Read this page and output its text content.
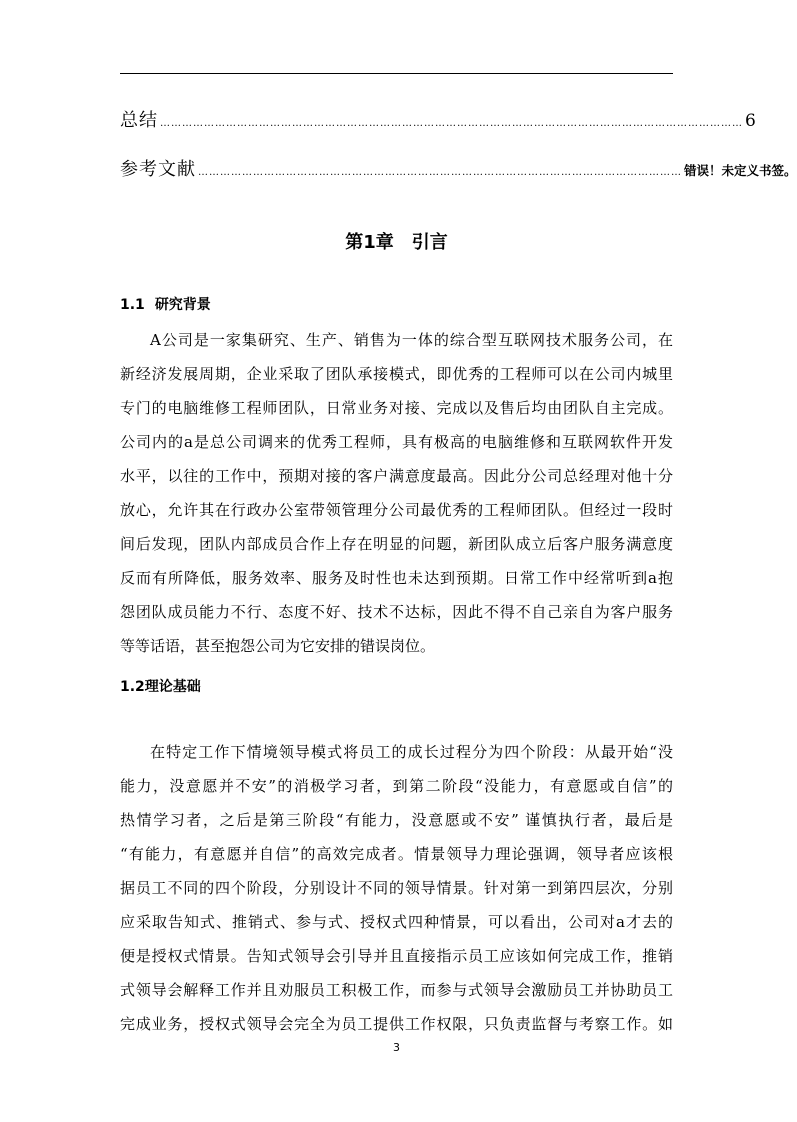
总结 …………………………………………………………………………………………………………………………………………… 6
参考文献 …………………………………………………………………………………………………………………… 错误！未定义书签。
第1章 引言
1.1 研究背景
A公司是一家集研究、生产、销售为一体的综合型互联网技术服务公司，在
新经济发展周期，企业采取了团队承接模式，即优秀的工程师可以在公司内城里
专门的电脑维修工程师团队，日常业务对接、完成以及售后均由团队自主完成。
公司内的a是总公司调来的优秀工程师，具有极高的电脑维修和互联网软件开发
水平，以往的工作中，预期对接的客户满意度最高。因此分公司总经理对他十分
放心，允许其在行政办公室带领管理分公司最优秀的工程师团队。但经过一段时
间后发现，团队内部成员合作上存在明显的问题，新团队成立后客户服务满意度
反而有所降低，服务效率、服务及时性也未达到预期。日常工作中经常听到a抱
怨团队成员能力不行、态度不好、技术不达标，因此不得不自己亲自为客户服务
等等话语，甚至抱怨公司为它安排的错误岗位。
1.2理论基础
在特定工作下情境领导模式将员工的成长过程分为四个阶段：从最开始“没
能力，没意愿并不安”的消极学习者，到第二阶段“没能力，有意愿或自信”的
热情学习者，之后是第三阶段“有能力，没意愿或不安” 谨慎执行者，最后是
“有能力，有意愿并自信”的高效完成者。情景领导力理论强调，领导者应该根
据员工不同的四个阶段，分别设计不同的领导情景。针对第一到第四层次，分别
应采取告知式、推销式、参与式、授权式四种情景，可以看出，公司对a才去的
便是授权式情景。告知式领导会引导并且直接指示员工应该如何完成工作，推销
式领导会解释工作并且劝服员工积极工作，而参与式领导会激励员工并协助员工
完成业务，授权式领导会完全为员工提供工作权限，只负责监督与考察工作。如
3
